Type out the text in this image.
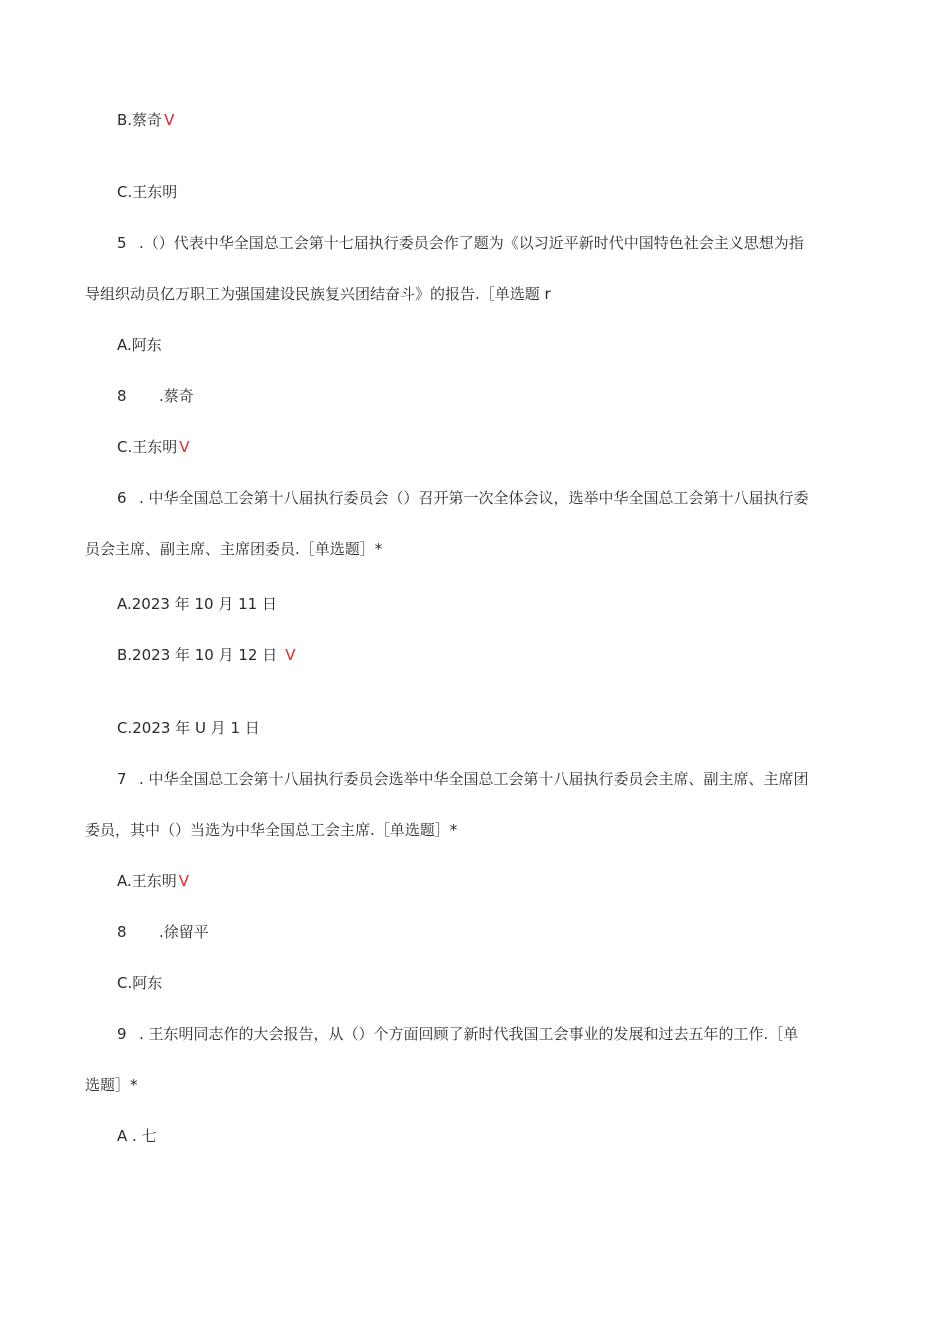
B.蔡奇 V
C.王东明
5 .（）代表中华全国总工会第十七届执行委员会作了题为《以习近平新时代中国特色社会主义思想为指
导组织动员亿万职工为强国建设民族复兴团结奋斗》的报告.［单选题 r
A.阿东
8 .蔡奇
C.王东明 V
6 . 中华全国总工会第十八届执行委员会（）召开第一次全体会议，选举中华全国总工会第十八届执行委
员会主席、副主席、主席团委员.［单选题］*
A.2023 年 10 月 11 日
B.2023 年 10 月 12 日 V
C.2023 年 U 月 1 日
7 . 中华全国总工会第十八届执行委员会选举中华全国总工会第十八届执行委员会主席、副主席、主席团
委员，其中（）当选为中华全国总工会主席.［单选题］*
A.王东明 V
8 .徐留平
C.阿东
9 . 王东明同志作的大会报告，从（）个方面回顾了新时代我国工会事业的发展和过去五年的工作.［单
选题］*
A . 七
